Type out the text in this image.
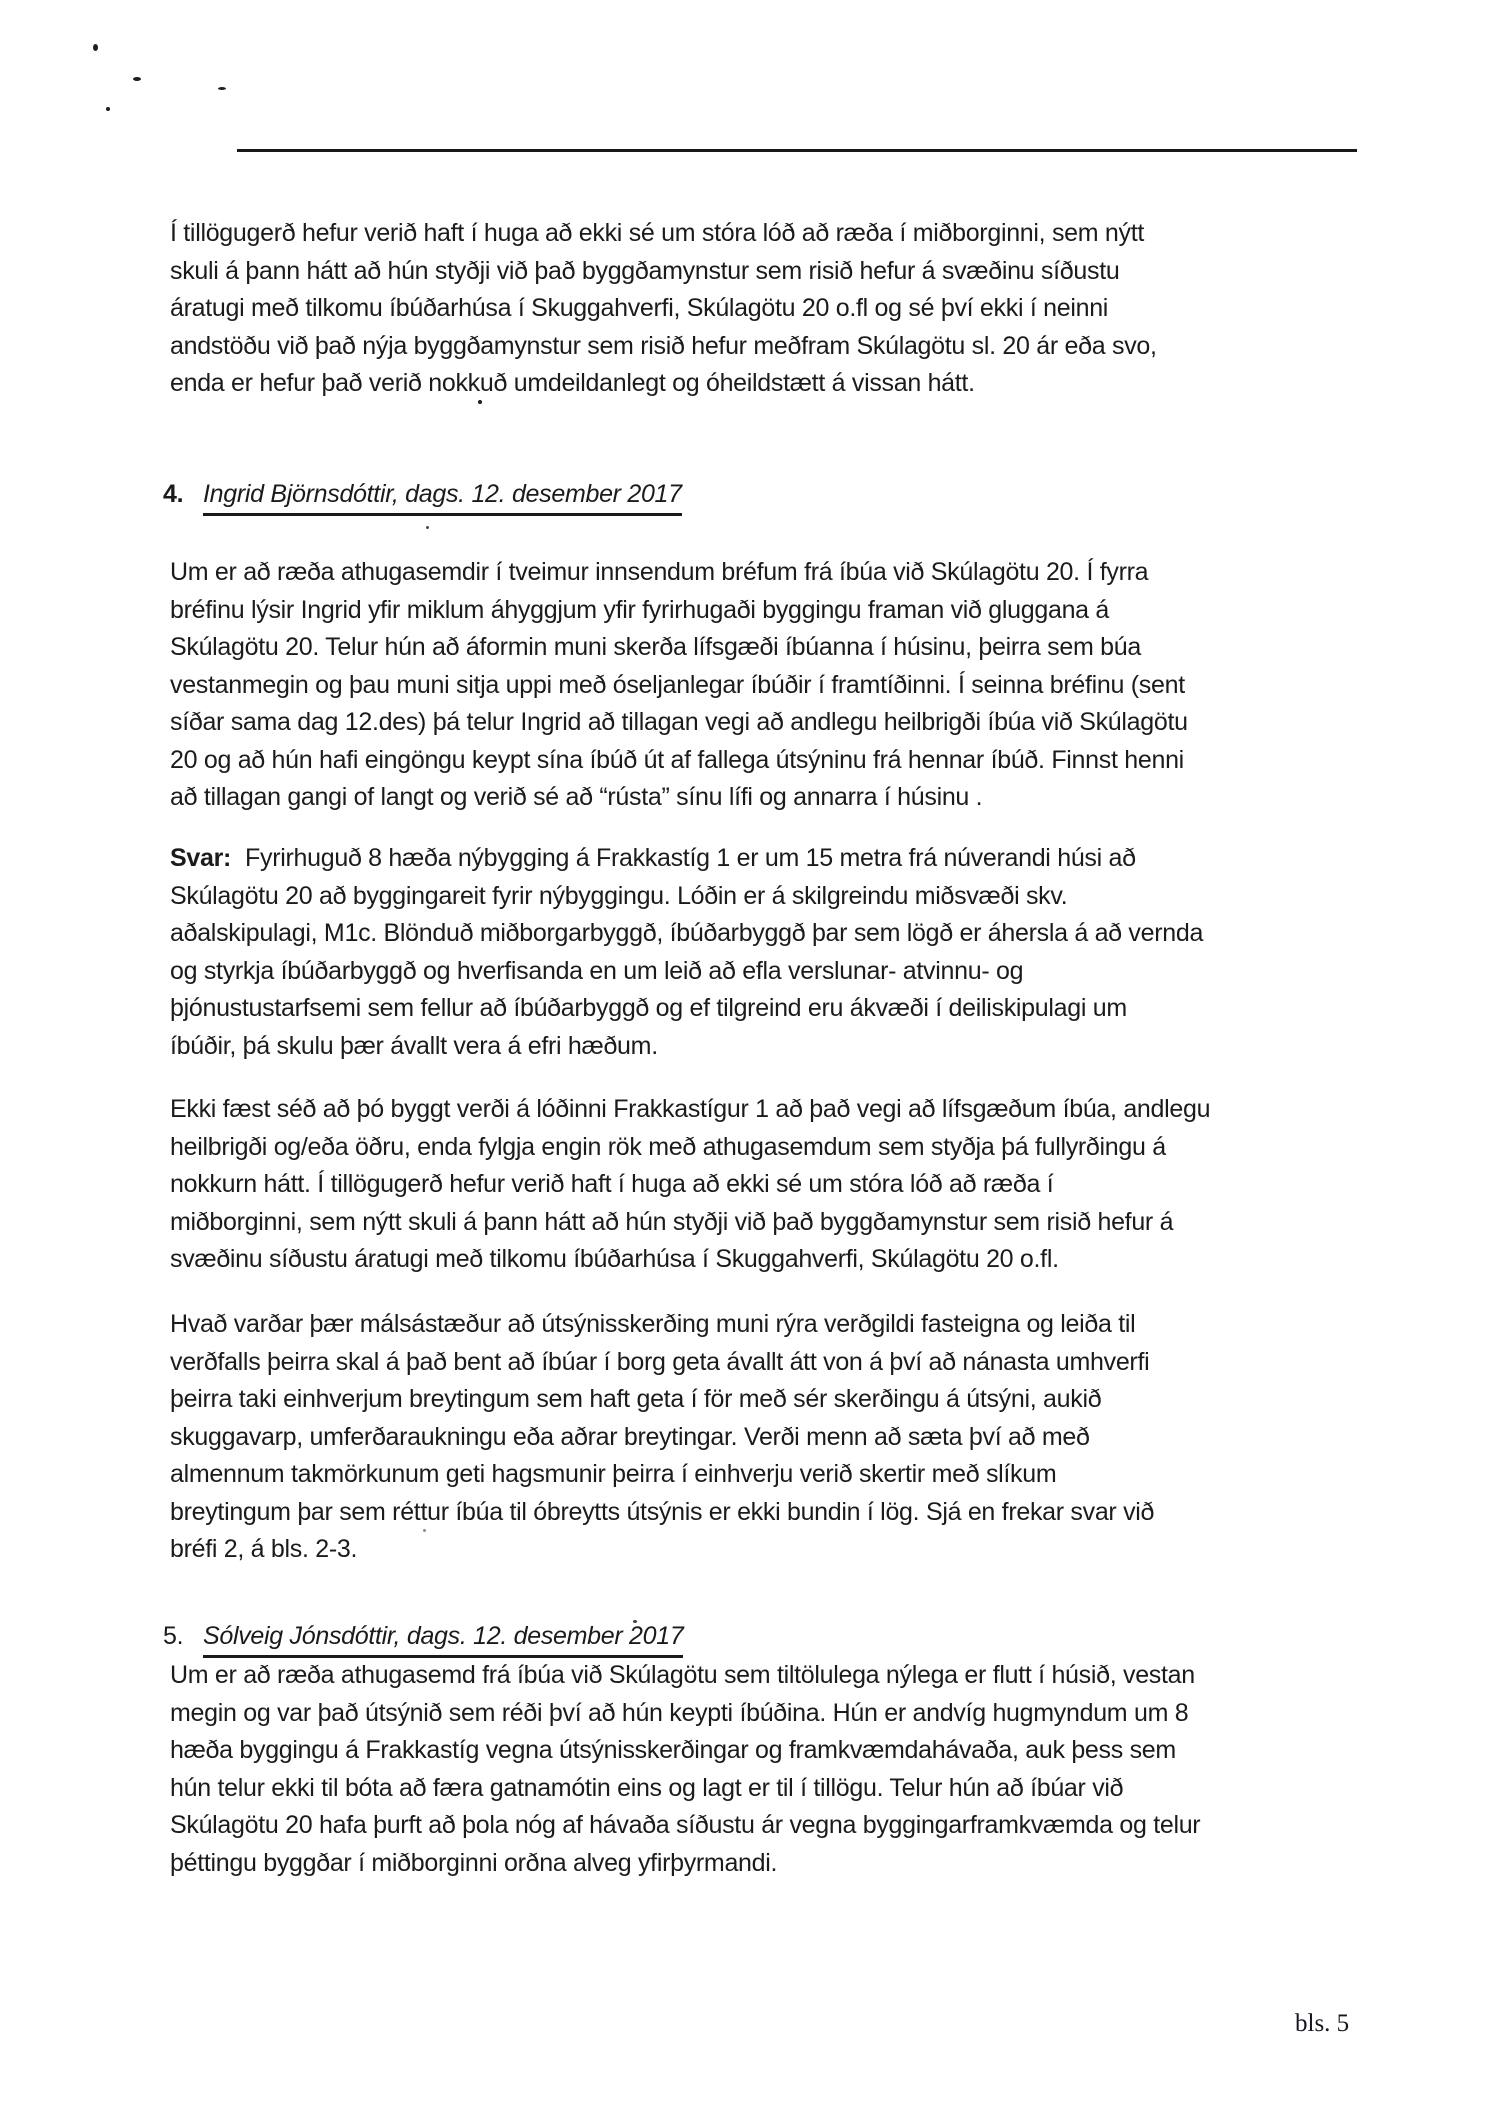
Í tillögugerð hefur verið haft í huga að ekki sé um stóra lóð að ræða í miðborginni, sem nýtt
skuli á þann hátt að hún styðji við það byggðamynstur sem risið hefur á svæðinu síðustu
áratugi með tilkomu íbúðarhúsa í Skuggahverfi, Skúlagötu 20 o.fl og sé því ekki í neinni
andstöðu við það nýja byggðamynstur sem risið hefur meðfram Skúlagötu sl. 20 ár eða svo,
enda er hefur það verið nokkuð umdeildanlegt og óheildstætt á vissan hátt.
4. Ingrid Björnsdóttir, dags. 12. desember 2017
Um er að ræða athugasemdir í tveimur innsendum bréfum frá íbúa við Skúlagötu 20. Í fyrra
bréfinu lýsir Ingrid yfir miklum áhyggjum yfir fyrirhugaði byggingu framan við gluggana á
Skúlagötu 20. Telur hún að áformin muni skerða lífsgæði íbúanna í húsinu, þeirra sem búa
vestanmegin og þau muni sitja uppi með óseljanlegar íbúðir í framtíðinni. Í seinna bréfinu (sent
síðar sama dag 12.des) þá telur Ingrid að tillagan vegi að andlegu heilbrigði íbúa við Skúlagötu
20 og að hún hafi eingöngu keypt sína íbúð út af fallega útsýninu frá hennar íbúð. Finnst henni
að tillagan gangi of langt og verið sé að “rústa” sínu lífi og annarra í húsinu .
Svar: Fyrirhuguð 8 hæða nýbygging á Frakkastíg 1 er um 15 metra frá núverandi húsi að
Skúlagötu 20 að byggingareit fyrir nýbyggingu. Lóðin er á skilgreindu miðsvæði skv.
aðalskipulagi, M1c. Blönduð miðborgarbyggð, íbúðarbyggð þar sem lögð er áhersla á að vernda
og styrkja íbúðarbyggð og hverfisanda en um leið að efla verslunar- atvinnu- og
þjónustustarfsemi sem fellur að íbúðarbyggð og ef tilgreind eru ákvæði í deiliskipulagi um
íbúðir, þá skulu þær ávallt vera á efri hæðum.
Ekki fæst séð að þó byggt verði á lóðinni Frakkastígur 1 að það vegi að lífsgæðum íbúa, andlegu
heilbrigði og/eða öðru, enda fylgja engin rök með athugasemdum sem styðja þá fullyrðingu á
nokkurn hátt. Í tillögugerð hefur verið haft í huga að ekki sé um stóra lóð að ræða í
miðborginni, sem nýtt skuli á þann hátt að hún styðji við það byggðamynstur sem risið hefur á
svæðinu síðustu áratugi með tilkomu íbúðarhúsa í Skuggahverfi, Skúlagötu 20 o.fl.
Hvað varðar þær málsástæður að útsýnisskerðing muni rýra verðgildi fasteigna og leiða til
verðfalls þeirra skal á það bent að íbúar í borg geta ávallt átt von á því að nánasta umhverfi
þeirra taki einhverjum breytingum sem haft geta í för með sér skerðingu á útsýni, aukið
skuggavarp, umferðaraukningu eða aðrar breytingar. Verði menn að sæta því að með
almennum takmörkunum geti hagsmunir þeirra í einhverju verið skertir með slíkum
breytingum þar sem réttur íbúa til óbreytts útsýnis er ekki bundin í lög. Sjá en frekar svar við
bréfi 2, á bls. 2-3.
5. Sólveig Jónsdóttir, dags. 12. desember 2017
Um er að ræða athugasemd frá íbúa við Skúlagötu sem tiltölulega nýlega er flutt í húsið, vestan
megin og var það útsýnið sem réði því að hún keypti íbúðina. Hún er andvíg hugmyndum um 8
hæða byggingu á Frakkastíg vegna útsýnisskerðingar og framkvæmdahávaða, auk þess sem
hún telur ekki til bóta að færa gatnamótin eins og lagt er til í tillögu. Telur hún að íbúar við
Skúlagötu 20 hafa þurft að þola nóg af hávaða síðustu ár vegna byggingarframkvæmda og telur
þéttingu byggðar í miðborginni orðna alveg yfirþyrmandi.
bls. 5
